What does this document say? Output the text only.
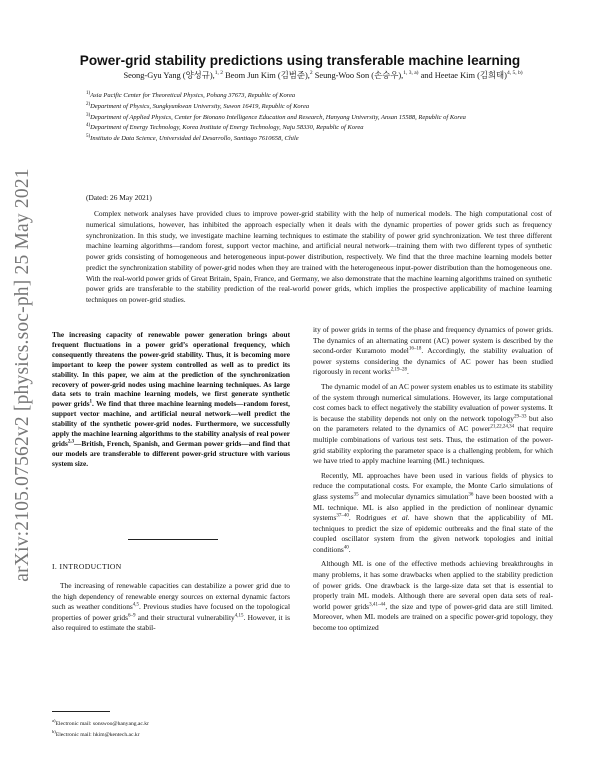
arXiv:2105.07562v2 [physics.soc-ph] 25 May 2021
Power-grid stability predictions using transferable machine learning
Seong-Gyu Yang (양성규),$^{1, 2}$ Beom Jun Kim (김범준),$^2$ Seung-Woo Son (손승우),$^{1, 3, a)}$ and Heetae Kim (김희태)$^{4, 5, b)}$
$^{1)}$Asia Pacific Center for Theoretical Physics, Pohang 37673, Republic of Korea
$^{2)}$Department of Physics, Sungkyunkwan University, Suwon 16419, Republic of Korea
$^{3)}$Department of Applied Physics, Center for Bionano Intelligence Education and Research, Hanyang University, Ansan 15588, Republic of Korea
$^{4)}$Department of Energy Technology, Korea Institute of Energy Technology, Naju 58330, Republic of Korea
$^{5)}$Instituto de Data Science, Universidad del Desarrollo, Santiago 7610658, Chile
(Dated: 26 May 2021)
Complex network analyses have provided clues to improve power-grid stability with the help of numerical models. The high computational cost of numerical simulations, however, has inhibited the approach especially when it deals with the dynamic properties of power grids such as frequency synchronization. In this study, we investigate machine learning techniques to estimate the stability of power grid synchronization. We test three different machine learning algorithms—random forest, support vector machine, and artificial neural network—training them with two different types of synthetic power grids consisting of homogeneous and heterogeneous input-power distribution, respectively. We find that the three machine learning models better predict the synchronization stability of power-grid nodes when they are trained with the heterogeneous input-power distribution than the homogeneous one. With the real-world power grids of Great Britain, Spain, France, and Germany, we also demonstrate that the machine learning algorithms trained on synthetic power grids are transferable to the stability prediction of the real-world power grids, which implies the prospective applicability of machine learning techniques on power-grid studies.
The increasing capacity of renewable power generation brings about frequent fluctuations in a power grid’s operational frequency, which consequently threatens the power-grid stability. Thus, it is becoming more important to keep the power system controlled as well as to predict its stability. In this paper, we aim at the prediction of the synchronization recovery of power-grid nodes using machine learning techniques. As large data sets to train machine learning models, we first generate synthetic power grids$^1$. We find that three machine learning models—random forest, support vector machine, and artificial neural network—well predict the stability of the synthetic power-grid nodes. Furthermore, we successfully apply the machine learning algorithms to the stability analysis of real power grids$^{2,3}$—British, French, Spanish, and German power grids—and find that our models are transferable to different power-grid structure with various system size.
I. INTRODUCTION

The increasing of renewable capacities can destabilize a power grid due to the high dependency of renewable energy sources on external dynamic factors such as weather conditions$^{4,5}$. Previous studies have focused on the topological properties of power grids$^{6-9}$ and their structural vulnerability$^{4,15}$. However, it is also required to estimate the stabil-

ity of power grids in terms of the phase and frequency dynamics of power grids. The dynamics of an alternating current (AC) power system is described by the second-order Kuramoto model$^{16-18}$. Accordingly, the stability evaluation of power systems considering the dynamics of AC power has been studied rigorously in recent works$^{2,19-28}$.

The dynamic model of an AC power system enables us to estimate its stability of the system through numerical simulations. However, its large computational cost comes back to effect negatively the stability evaluation of power systems. It is because the stability depends not only on the network topology$^{29-33}$ but also on the parameters related to the dynamics of AC power$^{21,22,24,34}$ that require multiple combinations of various test sets. Thus, the estimation of the power-grid stability exploring the parameter space is a challenging problem, for which we have tried to apply machine learning (ML) techniques.

Recently, ML approaches have been used in various fields of physics to reduce the computational costs. For example, the Monte Carlo simulations of glass systems$^{35}$ and molecular dynamics simulation$^{36}$ have been boosted with a ML technique. ML is also applied in the prediction of nonlinear dynamic systems$^{37-40}$. Rodrigues et al. have shown that the applicability of ML techniques to predict the size of epidemic outbreaks and the final state of the coupled oscillator system from the given network topologies and initial conditions$^{40}$.

Although ML is one of the effective methods achieving breakthroughs in many problems, it has some drawbacks when applied to the stability prediction of power grids. One drawback is the large-size data set that is essential to properly train ML models. Although there are several open data sets of real-world power grids$^{3,41-44}$, the size and type of power-grid data are still limited. Moreover, when ML models are trained on a specific power-grid topology, they become too optimized

$^{a)}$Electronic mail: sonswoo@hanyang.ac.kr
$^{b)}$Electronic mail: hkim@kentech.ac.kr
